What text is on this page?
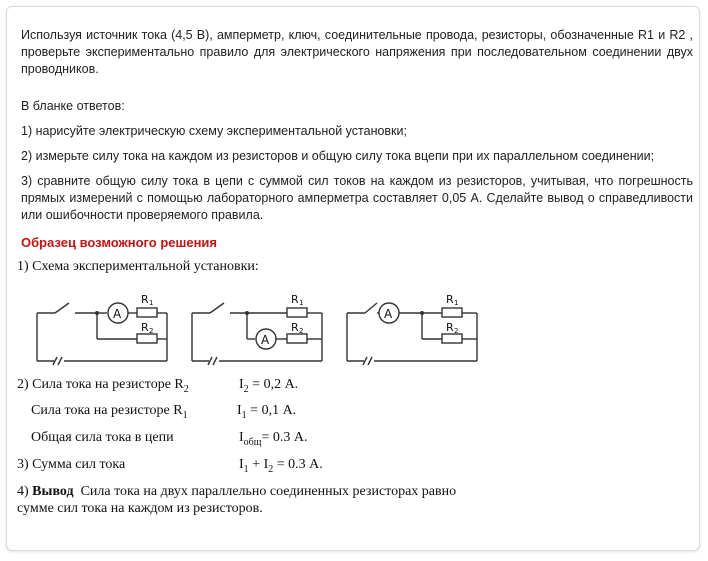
Используя источник тока (4,5 В), амперметр, ключ, соединительные провода, резисторы, обозначенные R1 и R2 , проверьте экспериментально правило для электрического напряжения при последовательном соединении двух проводников.

В бланке ответов:

1) нарисуйте электрическую схему экспериментальной установки;

2) измерьте силу тока на каждом из резисторов и общую силу тока вцепи при их параллельном соединении;

3) сравните общую силу тока в цепи с суммой сил токов на каждом из резисторов, учитывая, что погрешность прямых измерений с помощью лабораторного амперметра составляет 0,05 А. Сделайте вывод о справедливости или ошибочности проверяемого правила.

Образец возможного решения
1) Схема экспериментальной установки:
A
A
A
R 1
R 2
R 1
R 2
R 1
R 2
2) Сила тока на резисторе $R_2$	$I_2 = 0,2$ А.
Сила тока на резисторе $R_1$	$I_1 = 0,1$ А.
Общая сила тока в цепи	$I_{общ}= 0.3$ А.
3) Сумма сил тока	$I_1 + I_2 = 0.3$ А.
4) Вывод Сила тока на двух параллельно соединенных резисторах равно
сумме сил тока на каждом из резисторов.
